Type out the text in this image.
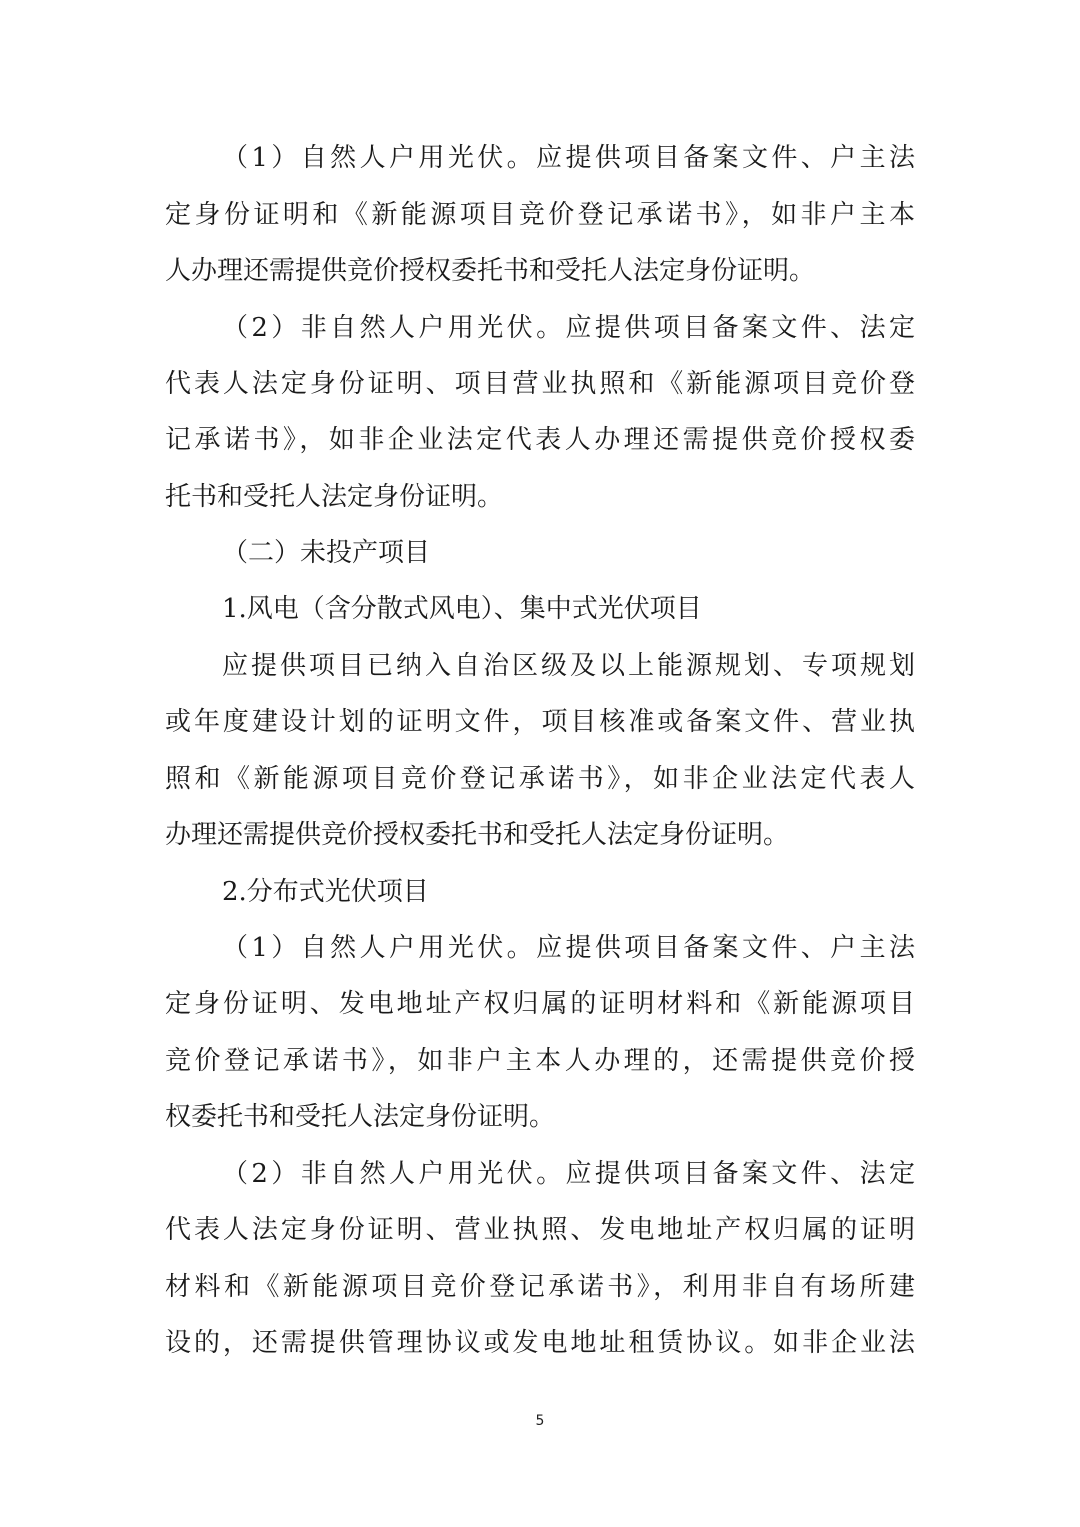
（1）自然人户用光伏。应提供项目备案文件、户主法
定身份证明和《新能源项目竞价登记承诺书》，如非户主本
人办理还需提供竞价授权委托书和受托人法定身份证明。
（2）非自然人户用光伏。应提供项目备案文件、法定
代表人法定身份证明、项目营业执照和《新能源项目竞价登
记承诺书》，如非企业法定代表人办理还需提供竞价授权委
托书和受托人法定身份证明。
（二）未投产项目
1.风电（含分散式风电）、集中式光伏项目
应提供项目已纳入自治区级及以上能源规划、专项规划
或年度建设计划的证明文件，项目核准或备案文件、营业执
照和《新能源项目竞价登记承诺书》，如非企业法定代表人
办理还需提供竞价授权委托书和受托人法定身份证明。
2.分布式光伏项目
（1）自然人户用光伏。应提供项目备案文件、户主法
定身份证明、发电地址产权归属的证明材料和《新能源项目
竞价登记承诺书》，如非户主本人办理的，还需提供竞价授
权委托书和受托人法定身份证明。
（2）非自然人户用光伏。应提供项目备案文件、法定
代表人法定身份证明、营业执照、发电地址产权归属的证明
材料和《新能源项目竞价登记承诺书》，利用非自有场所建
设的，还需提供管理协议或发电地址租赁协议。如非企业法
5
